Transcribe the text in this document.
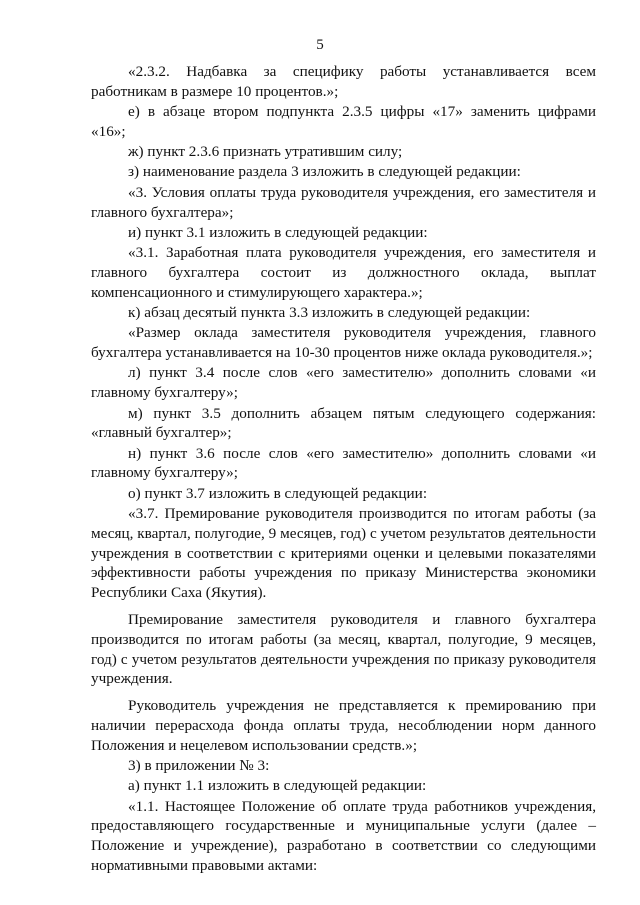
5

«2.3.2. Надбавка за специфику работы устанавливается всем работникам в размере 10 процентов.»;

е) в абзаце втором подпункта 2.3.5 цифры «17» заменить цифрами «16»;

ж) пункт 2.3.6 признать утратившим силу;

з) наименование раздела 3 изложить в следующей редакции:

«3. Условия оплаты труда руководителя учреждения, его заместителя и главного бухгалтера»;

и) пункт 3.1 изложить в следующей редакции:

«3.1. Заработная плата руководителя учреждения, его заместителя и главного бухгалтера состоит из должностного оклада, выплат компенсационного и стимулирующего характера.»;

к) абзац десятый пункта 3.3 изложить в следующей редакции:

«Размер оклада заместителя руководителя учреждения, главного бухгалтера устанавливается на 10-30 процентов ниже оклада руководителя.»;

л) пункт 3.4 после слов «его заместителю» дополнить словами «и главному бухгалтеру»;

м) пункт 3.5 дополнить абзацем пятым следующего содержания: «главный бухгалтер»;

н) пункт 3.6 после слов «его заместителю» дополнить словами «и главному бухгалтеру»;

о) пункт 3.7 изложить в следующей редакции:

«3.7. Премирование руководителя производится по итогам работы (за месяц, квартал, полугодие, 9 месяцев, год) с учетом результатов деятельности учреждения в соответствии с критериями оценки и целевыми показателями эффективности работы учреждения по приказу Министерства экономики Республики Саха (Якутия).

Премирование заместителя руководителя и главного бухгалтера производится по итогам работы (за месяц, квартал, полугодие, 9 месяцев, год) с учетом результатов деятельности учреждения по приказу руководителя учреждения.

Руководитель учреждения не представляется к премированию при наличии перерасхода фонда оплаты труда, несоблюдении норм данного Положения и нецелевом использовании средств.»;

3) в приложении № 3:

а) пункт 1.1 изложить в следующей редакции:

«1.1. Настоящее Положение об оплате труда работников учреждения, предоставляющего государственные и муниципальные услуги (далее – Положение и учреждение), разработано в соответствии со следующими нормативными правовыми актами:
